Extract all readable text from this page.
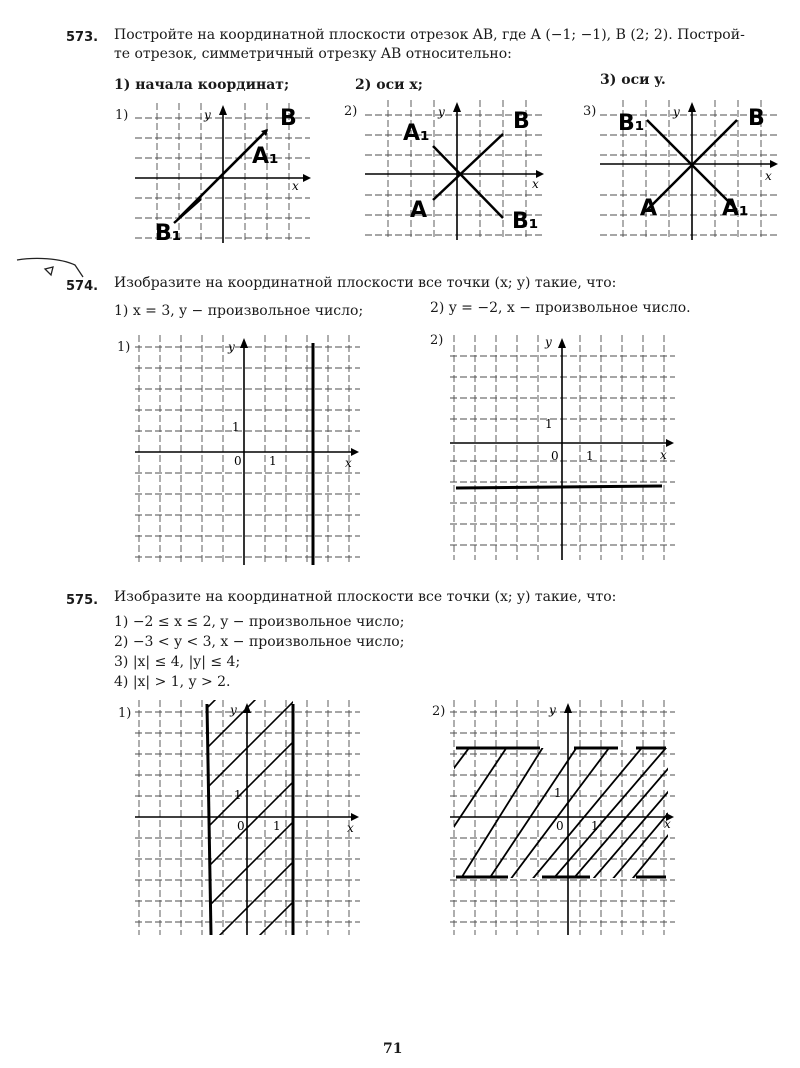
573. Постройте на координатной плоскости отрезок AB, где A (−1; −1), B (2; 2). Построй-
те отрезок, симметричный отрезку AB относительно:
1) начала координат;	2) оси x;	3) оси y.
1)	2)	3)
x
y	B
A₁
B₁
x
y
A₁	B
A	B₁
x
y
B₁	B
A	A₁
574. Изобразите на координатной плоскости все точки (x; y) такие, что:
1) x = 3, y − произвольное число;	2) y = −2, x − произвольное число.
1)	2)
x
y
0
1
1	x
y
0
1
1
575. Изобразите на координатной плоскости все точки (x; y) такие, что:
1) −2 ≤ x ≤ 2, y − произвольное число;
2) −3 < y < 3, x − произвольное число;
3) |x| ≤ 4, |y| ≤ 4;
4) |x| > 1, y > 2.
1)	2)
x
y
0
1
1	x
y
0
1
1
71
